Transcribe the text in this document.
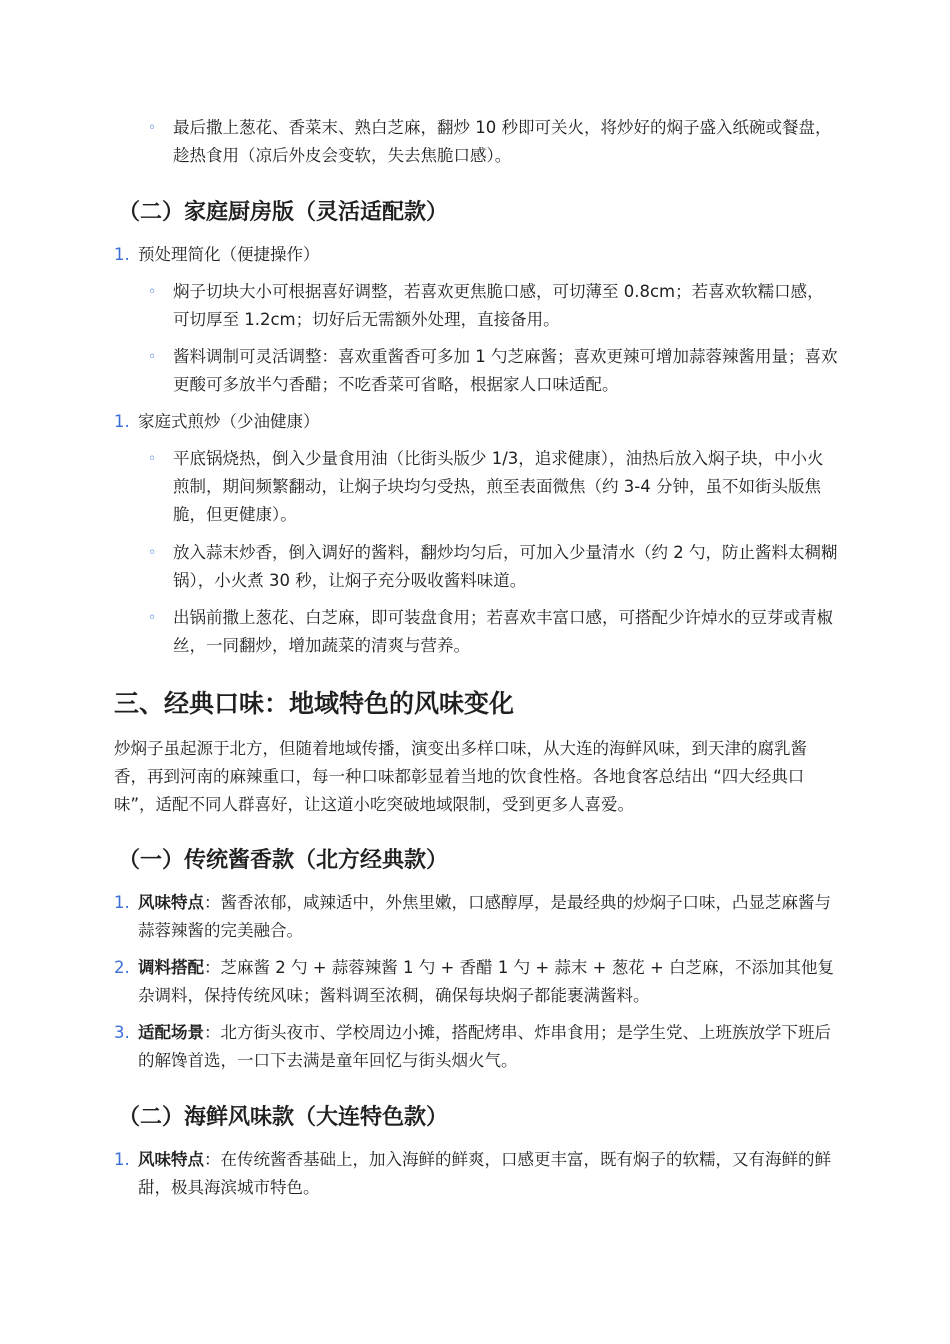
◦ 最后撒上葱花、香菜末、熟白芝麻，翻炒 10 秒即可关火，将炒好的焖子盛入纸碗或餐盘，趁热食用（凉后外皮会变软，失去焦脆口感）。
（二）家庭厨房版（灵活适配款）
1. 预处理简化（便捷操作）
◦ 焖子切块大小可根据喜好调整，若喜欢更焦脆口感，可切薄至 0.8cm；若喜欢软糯口感，可切厚至 1.2cm；切好后无需额外处理，直接备用。
◦ 酱料调制可灵活调整：喜欢重酱香可多加 1 勺芝麻酱；喜欢更辣可增加蒜蓉辣酱用量；喜欢更酸可多放半勺香醋；不吃香菜可省略，根据家人口味适配。
1. 家庭式煎炒（少油健康）
◦ 平底锅烧热，倒入少量食用油（比街头版少 1/3，追求健康），油热后放入焖子块，中小火煎制，期间频繁翻动，让焖子块均匀受热，煎至表面微焦（约 3-4 分钟，虽不如街头版焦脆，但更健康）。
◦ 放入蒜末炒香，倒入调好的酱料，翻炒均匀后，可加入少量清水（约 2 勺，防止酱料太稠糊锅），小火煮 30 秒，让焖子充分吸收酱料味道。
◦ 出锅前撒上葱花、白芝麻，即可装盘食用；若喜欢丰富口感，可搭配少许焯水的豆芽或青椒丝，一同翻炒，增加蔬菜的清爽与营养。
三、经典口味：地域特色的风味变化
炒焖子虽起源于北方，但随着地域传播，演变出多样口味，从大连的海鲜风味，到天津的腐乳酱香，再到河南的麻辣重口，每一种口味都彰显着当地的饮食性格。各地食客总结出 “四大经典口味”，适配不同人群喜好，让这道小吃突破地域限制，受到更多人喜爱。
（一）传统酱香款（北方经典款）
1. 风味特点：酱香浓郁，咸辣适中，外焦里嫩，口感醇厚，是最经典的炒焖子口味，凸显芝麻酱与蒜蓉辣酱的完美融合。
2. 调料搭配：芝麻酱 2 勺 + 蒜蓉辣酱 1 勺 + 香醋 1 勺 + 蒜末 + 葱花 + 白芝麻，不添加其他复杂调料，保持传统风味；酱料调至浓稠，确保每块焖子都能裹满酱料。
3. 适配场景：北方街头夜市、学校周边小摊，搭配烤串、炸串食用；是学生党、上班族放学下班后的解馋首选，一口下去满是童年回忆与街头烟火气。
（二）海鲜风味款（大连特色款）
1. 风味特点：在传统酱香基础上，加入海鲜的鲜爽，口感更丰富，既有焖子的软糯，又有海鲜的鲜甜，极具海滨城市特色。
